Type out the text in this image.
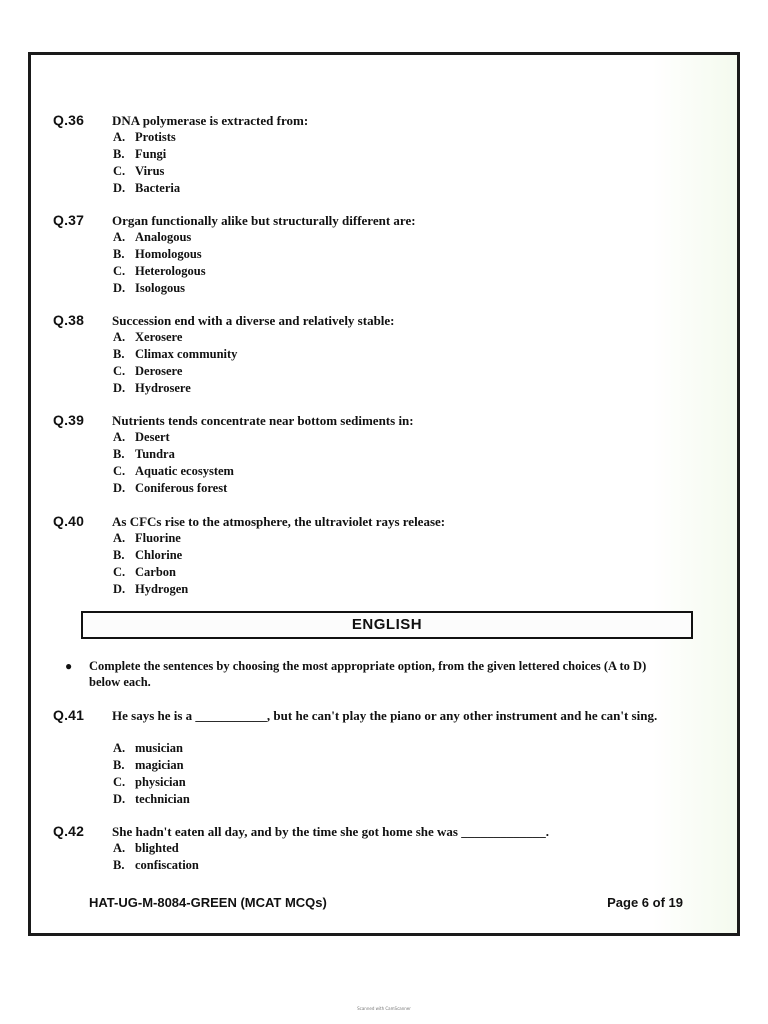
Q.36 DNA polymerase is extracted from:
A. Protists
B. Fungi
C. Virus
D. Bacteria
Q.37 Organ functionally alike but structurally different are:
A. Analogous
B. Homologous
C. Heterologous
D. Isologous
Q.38 Succession end with a diverse and relatively stable:
A. Xerosere
B. Climax community
C. Derosere
D. Hydrosere
Q.39 Nutrients tends concentrate near bottom sediments in:
A. Desert
B. Tundra
C. Aquatic ecosystem
D. Coniferous forest
Q.40 As CFCs rise to the atmosphere, the ultraviolet rays release:
A. Fluorine
B. Chlorine
C. Carbon
D. Hydrogen
ENGLISH
● Complete the sentences by choosing the most appropriate option, from the given lettered choices (A to D) below each.
Q.41 He says he is a ___________, but he can't play the piano or any other instrument and he can't sing.
A. musician
B. magician
C. physician
D. technician
Q.42 She hadn't eaten all day, and by the time she got home she was _____________.
A. blighted
B. confiscation
HAT-UG-M-8084-GREEN (MCAT MCQs)	Page 6 of 19
Scanned with CamScanner
